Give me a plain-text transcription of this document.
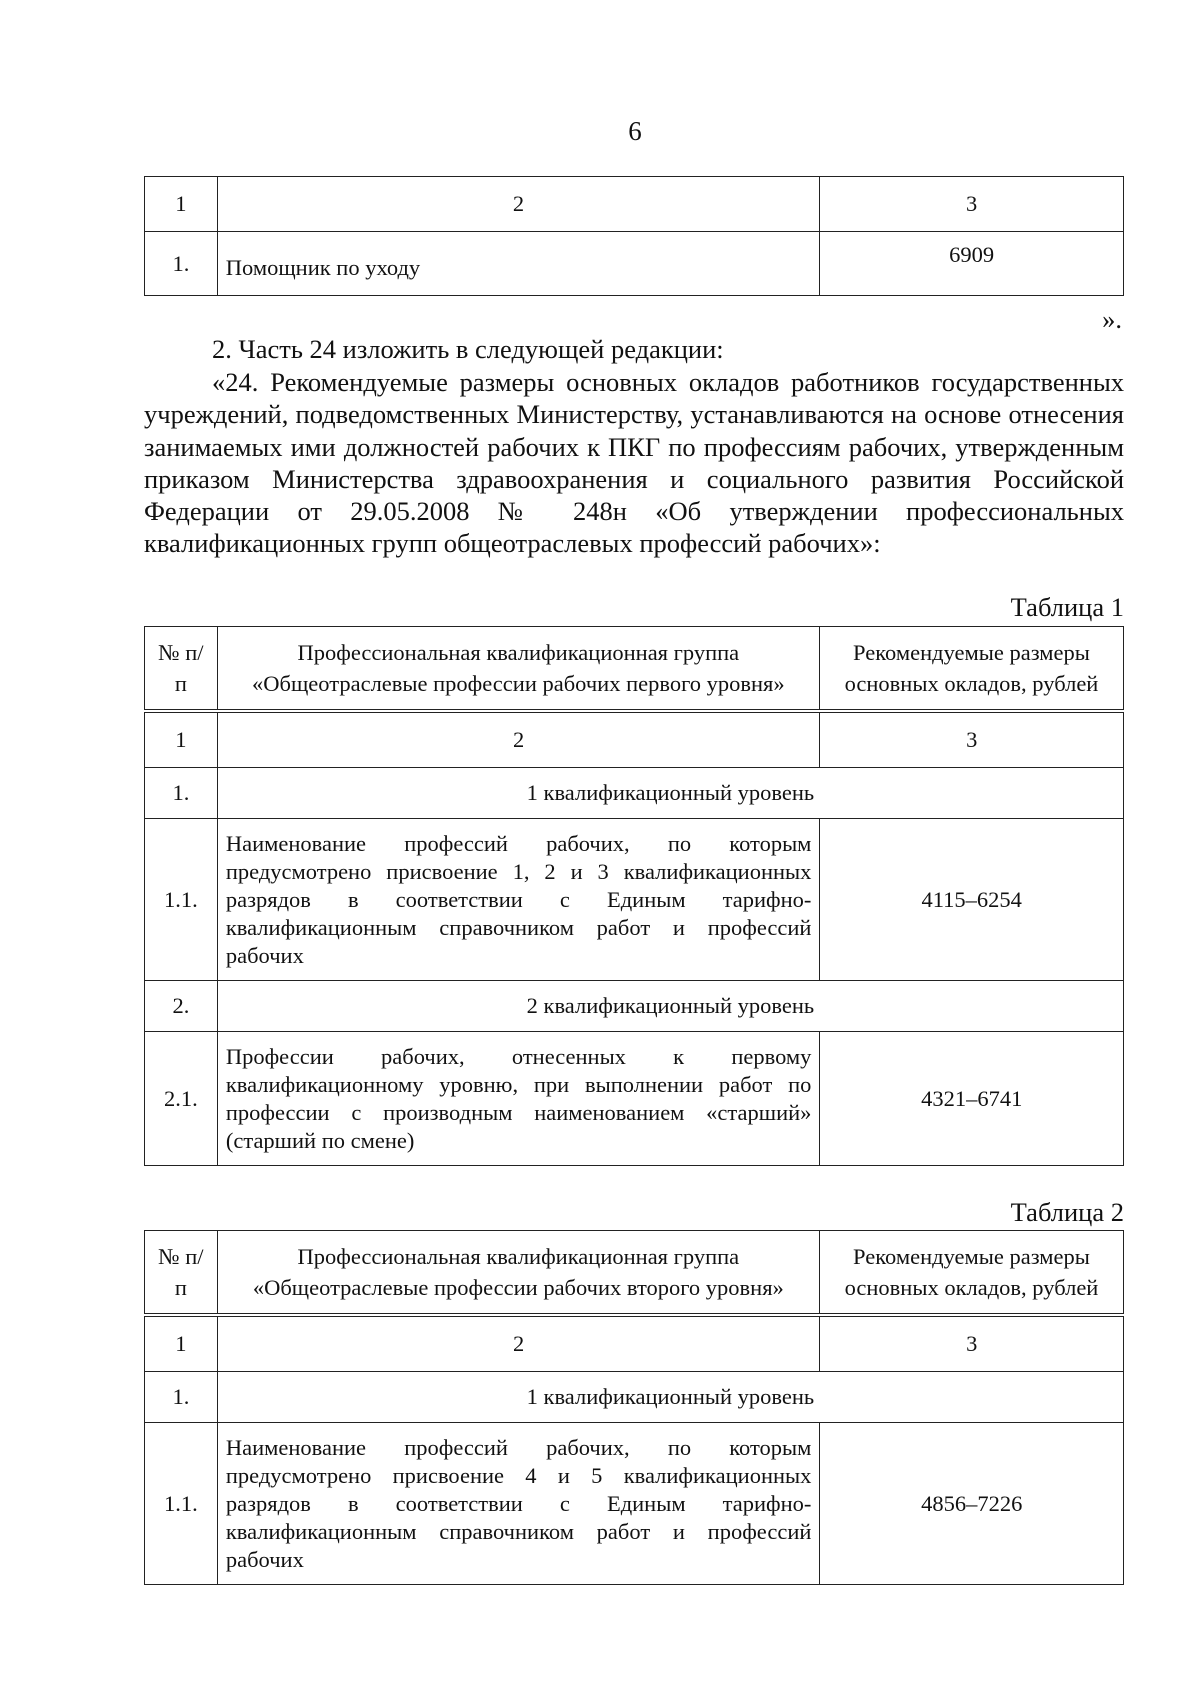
6
1	2	3
1.	Помощник по уходу	6909
».
2. Часть 24 изложить в следующей редакции:
«24. Рекомендуемые размеры основных окладов работников государственных учреждений, подведомственных Министерству, устанавливаются на основе отнесения занимаемых ими должностей рабочих к ПКГ по профессиям рабочих, утвержденным приказом Министерства здравоохранения и социального развития Российской Федерации от 29.05.2008 № 248н «Об утверждении профессиональных квалификационных групп общеотраслевых профессий рабочих»:
Таблица 1
№ п/п	Профессиональная квалификационная группа «Общеотраслевые профессии рабочих первого уровня»	Рекомендуемые размеры основных окладов, рублей
1	2	3
1.	1 квалификационный уровень	
1.1.	Наименование профессий рабочих, по которым предусмотрено присвоение 1, 2 и 3 квалификационных разрядов в соответствии с Единым тарифно-квалификационным справочником работ и профессий рабочих	4115–6254
2.	2 квалификационный уровень	
2.1.	Профессии рабочих, отнесенных к первому квалификационному уровню, при выполнении работ по профессии с производным наименованием «старший» (старший по смене)	4321–6741
Таблица 2
№ п/п	Профессиональная квалификационная группа «Общеотраслевые профессии рабочих второго уровня»	Рекомендуемые размеры основных окладов, рублей
1	2	3
1.	1 квалификационный уровень	
1.1.	Наименование профессий рабочих, по которым предусмотрено присвоение 4 и 5 квалификационных разрядов в соответствии с Единым тарифно-квалификационным справочником работ и профессий рабочих	4856–7226
